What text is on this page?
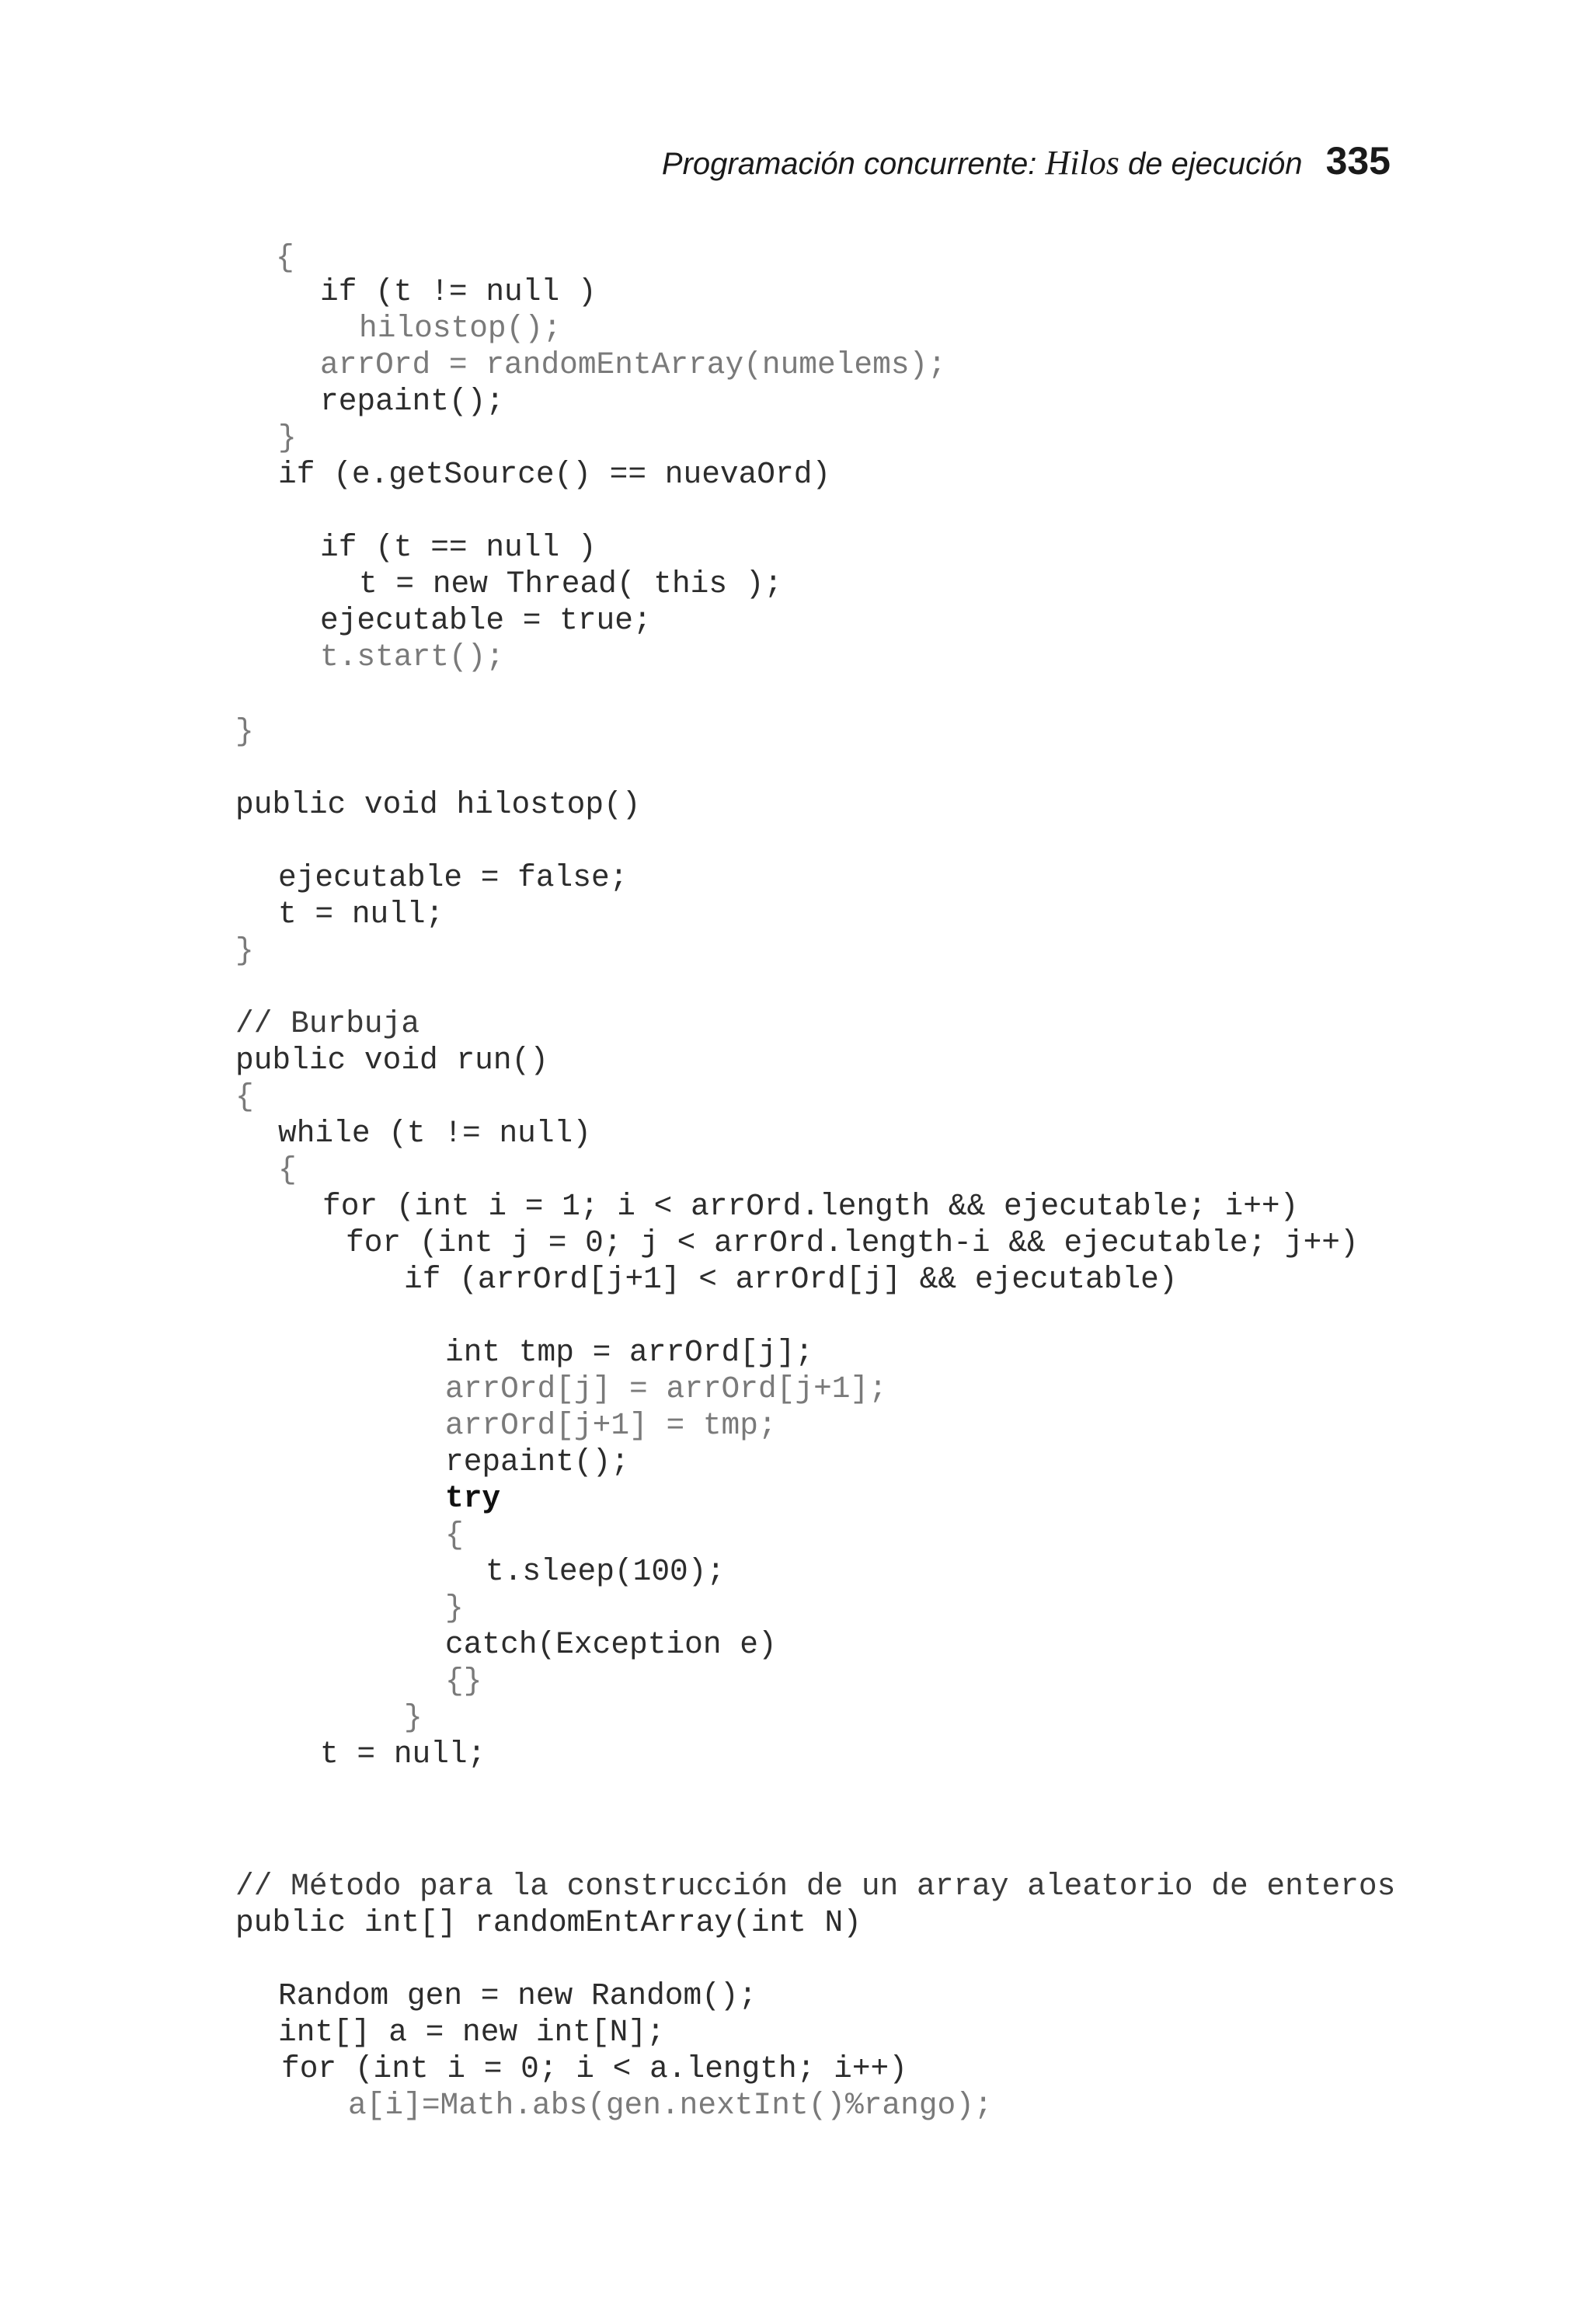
Programación concurrente: Hilos de ejecución 335
{
if (t != null )
hilostop();
arrOrd = randomEntArray(numelems);
repaint();
}
if (e.getSource() == nuevaOrd)
if (t == null )
t = new Thread( this );
ejecutable = true;
t.start();
}
public void hilostop()
ejecutable = false;
t = null;
}
// Burbuja
public void run()
{
while (t != null)
{
for (int i = 1; i < arrOrd.length && ejecutable; i++)
for (int j = 0; j < arrOrd.length-i && ejecutable; j++)
if (arrOrd[j+1] < arrOrd[j] && ejecutable)
int tmp = arrOrd[j];
arrOrd[j] = arrOrd[j+1];
arrOrd[j+1] = tmp;
repaint();
try
{
t.sleep(100);
}
catch(Exception e)
{}
}
t = null;
// Método para la construcción de un array aleatorio de enteros
public int[] randomEntArray(int N)
Random gen = new Random();
int[] a = new int[N];
for (int i = 0; i < a.length; i++)
a[i]=Math.abs(gen.nextInt()%rango);
